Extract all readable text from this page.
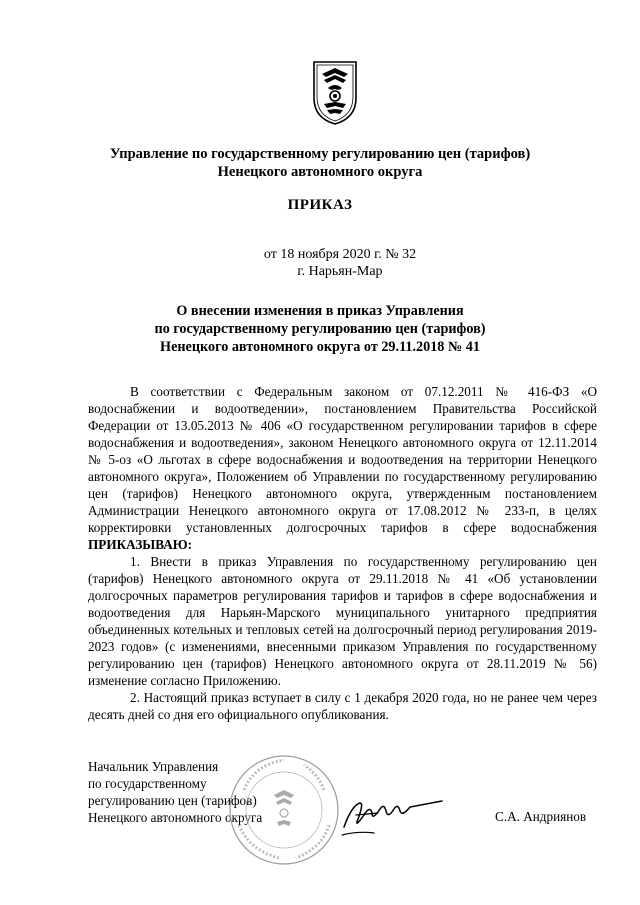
Управление по государственному регулированию цен (тарифов)
Ненецкого автономного округа
ПРИКАЗ
от 18 ноября 2020 г. № 32
г. Нарьян-Мар
О внесении изменения в приказ Управления
по государственному регулированию цен (тарифов)
Ненецкого автономного округа от 29.11.2018 № 41

В соответствии с Федеральным законом от 07.12.2011 № 416-ФЗ «О водоснабжении и водоотведении», постановлением Правительства Российской Федерации от 13.05.2013 № 406 «О государственном регулировании тарифов в сфере водоснабжения и водоотведения», законом Ненецкого автономного округа от 12.11.2014 № 5-оз «О льготах в сфере водоснабжения и водоотведения на территории Ненецкого автономного округа», Положением об Управлении по государственному регулированию цен (тарифов) Ненецкого автономного округа, утвержденным постановлением Администрации Ненецкого автономного округа от 17.08.2012 № 233-п, в целях корректировки установленных долгосрочных тарифов в сфере водоснабжения ПРИКАЗЫВАЮ:

1. Внести в приказ Управления по государственному регулированию цен (тарифов) Ненецкого автономного округа от 29.11.2018 № 41 «Об установлении долгосрочных параметров регулирования тарифов и тарифов в сфере водоснабжения и водоотведения для Нарьян-Марского муниципального унитарного предприятия объединенных котельных и тепловых сетей на долгосрочный период регулирования 2019-2023 годов» (с изменениями, внесенными приказом Управления по государственному регулированию цен (тарифов) Ненецкого автономного округа от 28.11.2019 № 56) изменение согласно Приложению.

2. Настоящий приказ вступает в силу с 1 декабря 2020 года, но не ранее чем через десять дней со дня его официального опубликования.

Начальник Управления
по государственному
регулированию цен (тарифов)
Ненецкого автономного округа	С.А. Андриянов
